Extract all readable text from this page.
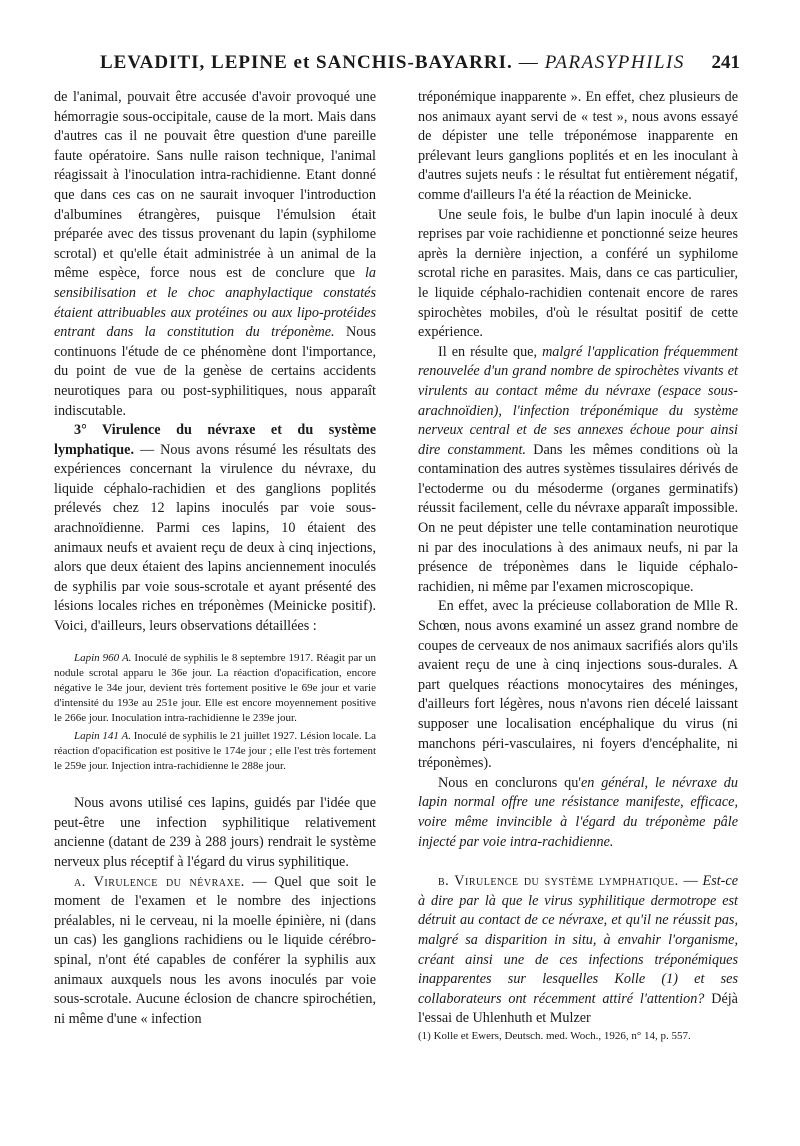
LEVADITI, LEPINE et SANCHIS-BAYARRI. — PARASYPHILIS 241

de l'animal, pouvait être accusée d'avoir provoqué une hémorragie sous-occipitale, cause de la mort. Mais dans d'autres cas il ne pouvait être question d'une pareille faute opératoire. Sans nulle raison technique, l'animal réagissait à l'inoculation intra-rachidienne. Etant donné que dans ces cas on ne saurait invoquer l'introduction d'albumines étrangères, puisque l'émulsion était préparée avec des tissus provenant du lapin (syphilome scrotal) et qu'elle était administrée à un animal de la même espèce, force nous est de conclure que la sensibilisation et le choc anaphylactique constatés étaient attribuables aux protéines ou aux lipo-protéides entrant dans la constitution du tréponème. Nous continuons l'étude de ce phénomène dont l'importance, du point de vue de la genèse de certains accidents neurotiques para ou post-syphilitiques, nous apparaît indiscutable.

3° Virulence du névraxe et du système lymphatique. — Nous avons résumé les résultats des expériences concernant la virulence du névraxe, du liquide céphalo-rachidien et des ganglions poplités prélevés chez 12 lapins inoculés par voie sous-arachnoïdienne. Parmi ces lapins, 10 étaient des animaux neufs et avaient reçu de deux à cinq injections, alors que deux étaient des lapins anciennement inoculés de syphilis par voie sous-scrotale et ayant présenté des lésions locales riches en tréponèmes (Meinicke positif). Voici, d'ailleurs, leurs observations détaillées :

Lapin 960 A. Inoculé de syphilis le 8 septembre 1917. Réagit par un nodule scrotal apparu le 36e jour. La réaction d'opacification, encore négative le 34e jour, devient très fortement positive le 69e jour et varie d'intensité du 193e au 251e jour. Elle est encore moyennement positive le 266e jour. Inoculation intra-rachidienne le 239e jour.

Lapin 141 A. Inoculé de syphilis le 21 juillet 1927. Lésion locale. La réaction d'opacification est positive le 174e jour ; elle l'est très fortement le 259e jour. Injection intra-rachidienne le 288e jour.

Nous avons utilisé ces lapins, guidés par l'idée que peut-être une infection syphilitique relativement ancienne (datant de 239 à 288 jours) rendrait le système nerveux plus réceptif à l'égard du virus syphilitique.

a. Virulence du névraxe. — Quel que soit le moment de l'examen et le nombre des injections préalables, ni le cerveau, ni la moelle épinière, ni (dans un cas) les ganglions rachidiens ou le liquide cérébro-spinal, n'ont été capables de conférer la syphilis aux animaux auxquels nous les avons inoculés par voie sous-scrotale. Aucune éclosion de chancre spirochétien, ni même d'une « infection

tréponémique inapparente ». En effet, chez plusieurs de nos animaux ayant servi de « test », nous avons essayé de dépister une telle tréponémose inapparente en prélevant leurs ganglions poplités et en les inoculant à d'autres sujets neufs : le résultat fut entièrement négatif, comme d'ailleurs l'a été la réaction de Meinicke.

Une seule fois, le bulbe d'un lapin inoculé à deux reprises par voie rachidienne et ponctionné seize heures après la dernière injection, a conféré un syphilome scrotal riche en parasites. Mais, dans ce cas particulier, le liquide céphalo-rachidien contenait encore de rares spirochètes mobiles, d'où le résultat positif de cette expérience.

Il en résulte que, malgré l'application fréquemment renouvelée d'un grand nombre de spirochètes vivants et virulents au contact même du névraxe (espace sous-arachnoïdien), l'infection tréponémique du système nerveux central et de ses annexes échoue pour ainsi dire constamment. Dans les mêmes conditions où la contamination des autres systèmes tissulaires dérivés de l'ectoderme ou du mésoderme (organes germinatifs) réussit facilement, celle du névraxe apparaît impossible. On ne peut dépister une telle contamination neurotique ni par des inoculations à des animaux neufs, ni par la présence de tréponèmes dans le liquide céphalo-rachidien, ni même par l'examen microscopique.

En effet, avec la précieuse collaboration de Mlle R. Schœn, nous avons examiné un assez grand nombre de coupes de cerveaux de nos animaux sacrifiés alors qu'ils avaient reçu de une à cinq injections sous-durales. A part quelques réactions monocytaires des méninges, d'ailleurs fort légères, nous n'avons rien décelé laissant supposer une localisation encéphalique du virus (ni manchons péri-vasculaires, ni foyers d'encéphalite, ni tréponèmes).

Nous en conclurons qu'en général, le névraxe du lapin normal offre une résistance manifeste, efficace, voire même invincible à l'égard du tréponème pâle injecté par voie intra-rachidienne.

b. Virulence du système lymphatique. — Est-ce à dire par là que le virus syphilitique dermotrope est détruit au contact de ce névraxe, et qu'il ne réussit pas, malgré sa disparition in situ, à envahir l'organisme, créant ainsi une de ces infections tréponémiques inapparentes sur lesquelles Kolle (1) et ses collaborateurs ont récemment attiré l'attention? Déjà l'essai de Uhlenhuth et Mulzer

(1) Kolle et Ewers, Deutsch. med. Woch., 1926, n° 14, p. 557.
